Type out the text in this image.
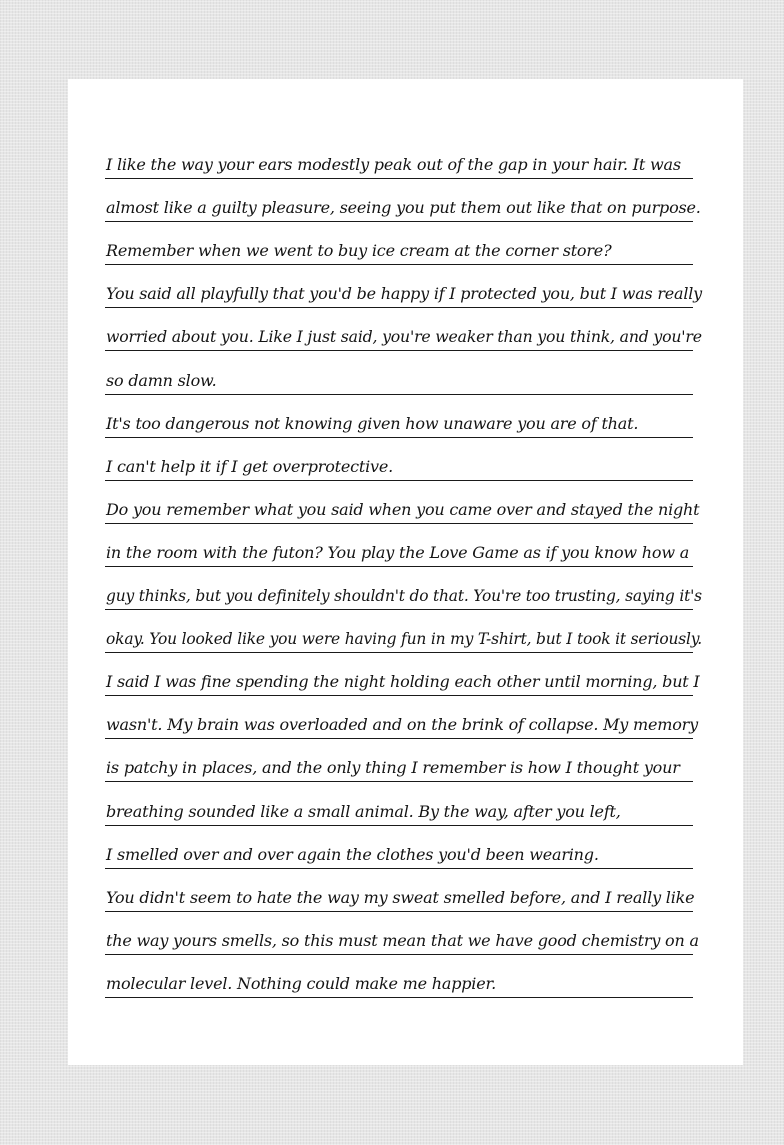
I like the way your ears modestly peak out of the gap in your hair. It was
almost like a guilty pleasure, seeing you put them out like that on purpose.
Remember when we went to buy ice cream at the corner store?
You said all playfully that you'd be happy if I protected you, but I was really
worried about you. Like I just said, you're weaker than you think, and you're
so damn slow.
It's too dangerous not knowing given how unaware you are of that.
I can't help it if I get overprotective.
Do you remember what you said when you came over and stayed the night
in the room with the futon? You play the Love Game as if you know how a
guy thinks, but you definitely shouldn't do that. You're too trusting, saying it's
okay. You looked like you were having fun in my T-shirt, but I took it seriously.
I said I was fine spending the night holding each other until morning, but I
wasn't. My brain was overloaded and on the brink of collapse. My memory
is patchy in places, and the only thing I remember is how I thought your
breathing sounded like a small animal. By the way, after you left,
I smelled over and over again the clothes you'd been wearing.
You didn't seem to hate the way my sweat smelled before, and I really like
the way yours smells, so this must mean that we have good chemistry on a
molecular level. Nothing could make me happier.
